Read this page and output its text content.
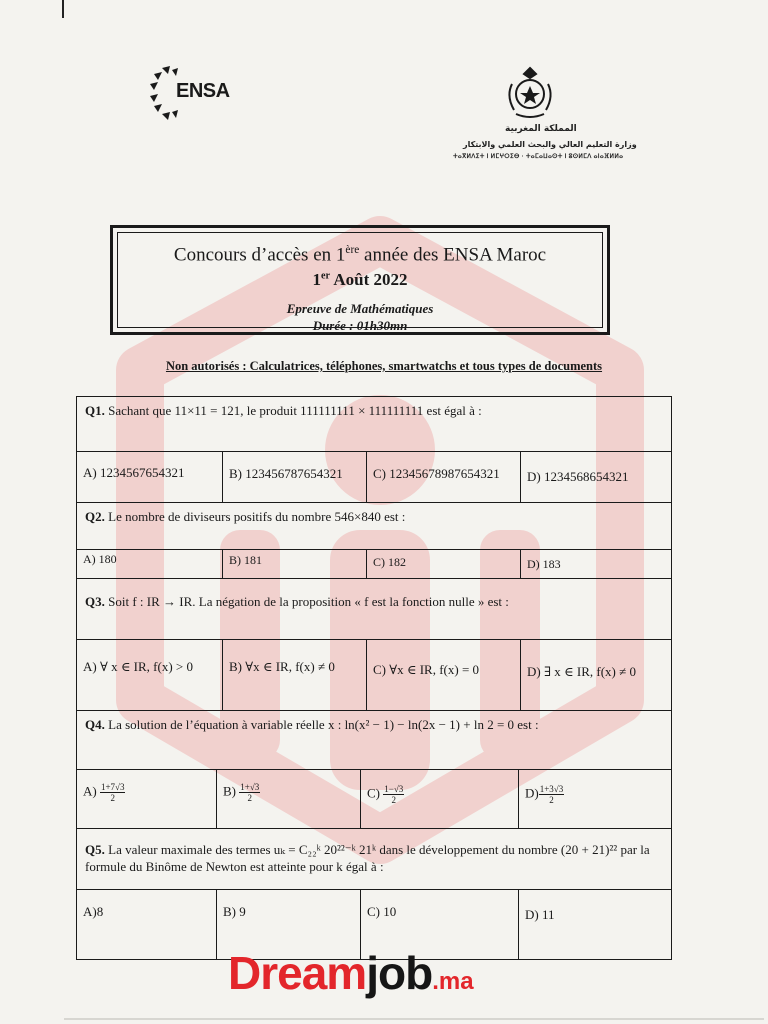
ENSA
المملكة المغربية
وزارة التعليم العالي والبحث العلمي والابتكار
ⵜⴰⴳⵍⴷⵉⵜ ⵏ ⵍⵎⵖⵔⵉⴱ · ⵜⴰⵎⴰⵡⴰⵙⵜ ⵏ ⵓⵙⵍⵎⴷ ⴰⵏⴰⴼⵍⵍⴰ
Concours d’accès en 1ère année des ENSA Maroc
1er Août 2022
Epreuve de Mathématiques
Durée : 01h30mn
Non autorisés : Calculatrices, téléphones, smartwatchs et tous types de documents
Q1. Sachant que 11×11 = 121, le produit 111111111 × 111111111 est égal à :
A) 1234567654321	B) 123456787654321 C) 12345678987654321 D) 1234568654321
Q2. Le nombre de diviseurs positifs du nombre 546×840 est :
A) 180	B) 181	C) 182	D) 183
Q3. Soit f : IR → IR. La négation de la proposition « f est la fonction nulle » est :
A) ∀ x ∈ IR, f(x) > 0	B) ∀x ∈ IR, f(x) ≠ 0	C) ∀x ∈ IR, f(x) = 0	D) ∃ x ∈ IR, f(x) ≠ 0
Q4. La solution de l’équation à variable réelle x : ln(x² − 1) − ln(2x − 1) + ln 2 = 0 est :
$A) \frac{1+7√3}{2}$	$B) \frac{1+√3}{2}$	$C) \frac{1-√3}{2}$	$D) \frac{1+3√3}{2}$
Q5. La valeur maximale des termes uₖ = C₂₂ᵏ 20²²⁻ᵏ 21ᵏ dans le développement du nombre (20 + 21)²² par la formule du Binôme de Newton est atteinte pour k égal à :
A)8	B) 9	C) 10	D) 11
Dreamjob.ma
